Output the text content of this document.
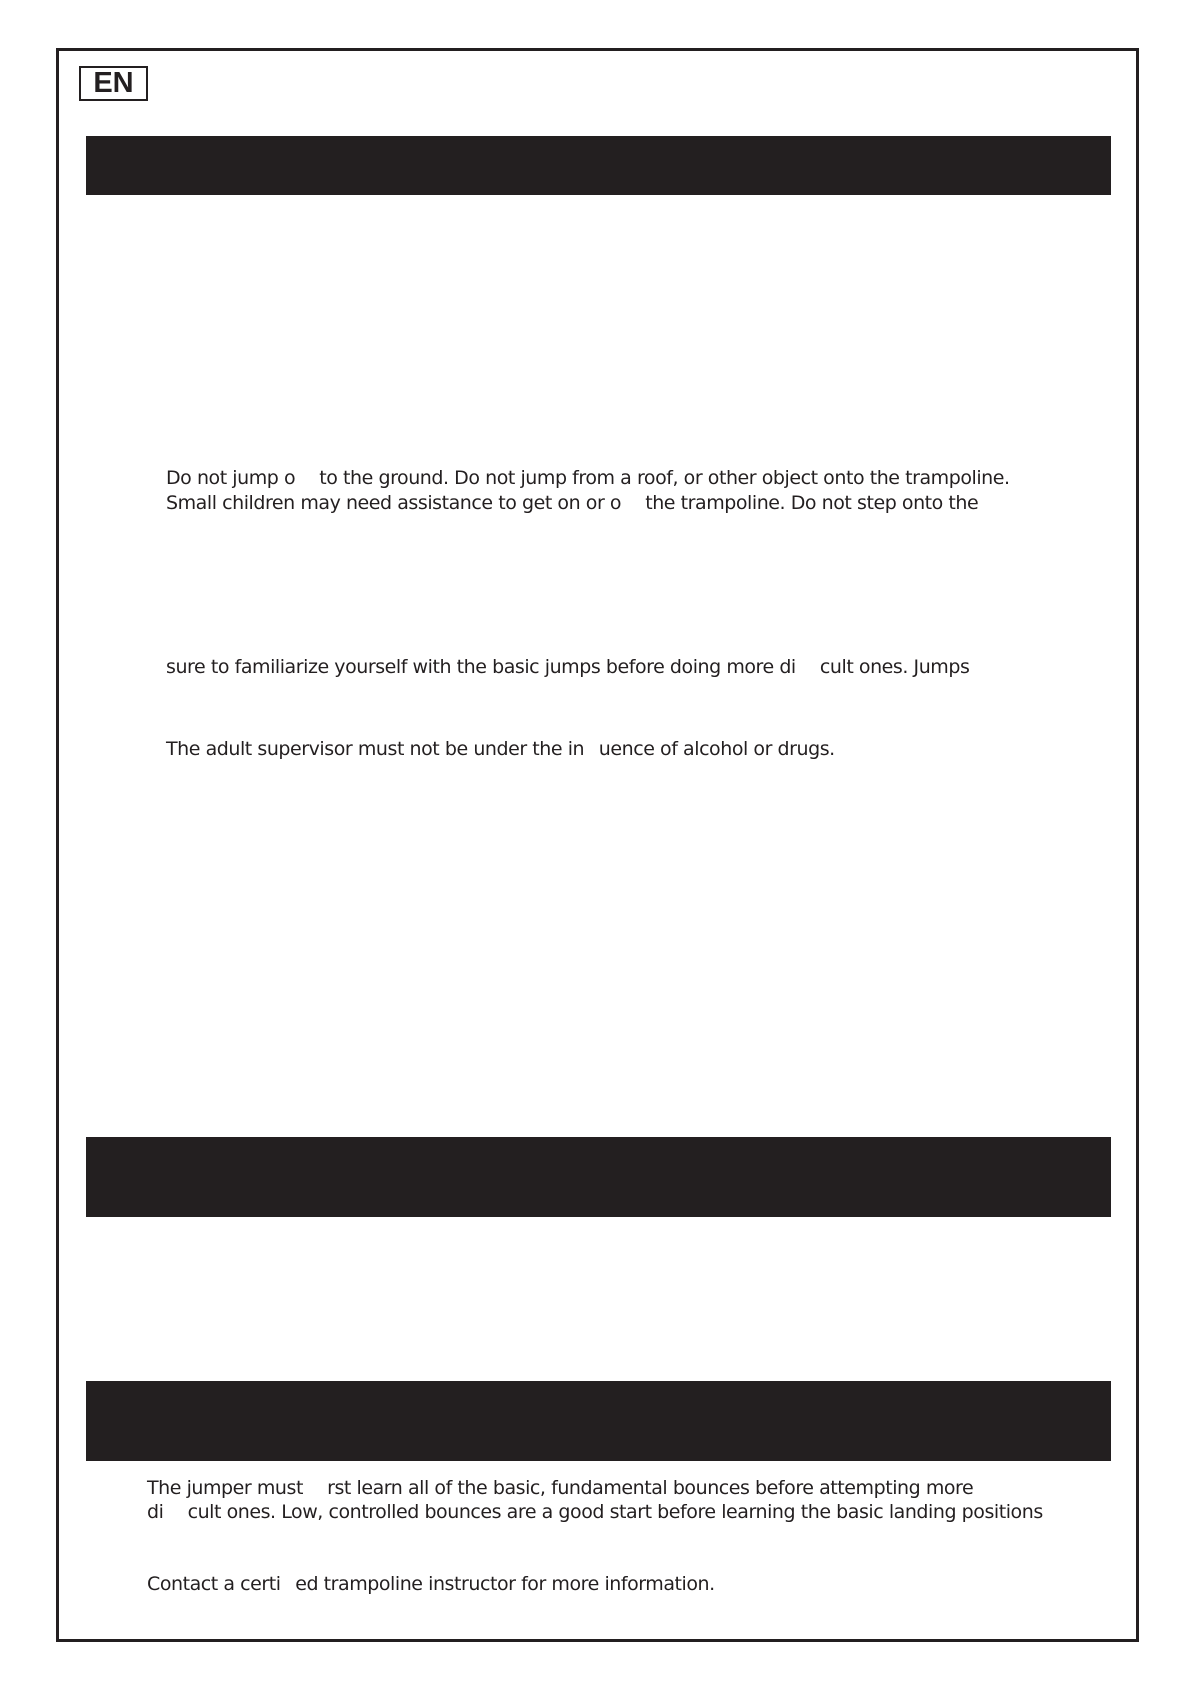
EN

Do not jump o  to the ground. Do not jump from a roof, or other object onto the trampoline.

Small children may need assistance to get on or o  the trampoline. Do not step onto the

sure to familiarize yourself with the basic jumps before doing more di  cult ones. Jumps

The adult supervisor must not be under the in  uence of alcohol or drugs.

The jumper must  rst learn all of the basic, fundamental bounces before attempting more

di  cult ones. Low, controlled bounces are a good start before learning the basic landing positions

Contact a certi  ed trampoline instructor for more information.
